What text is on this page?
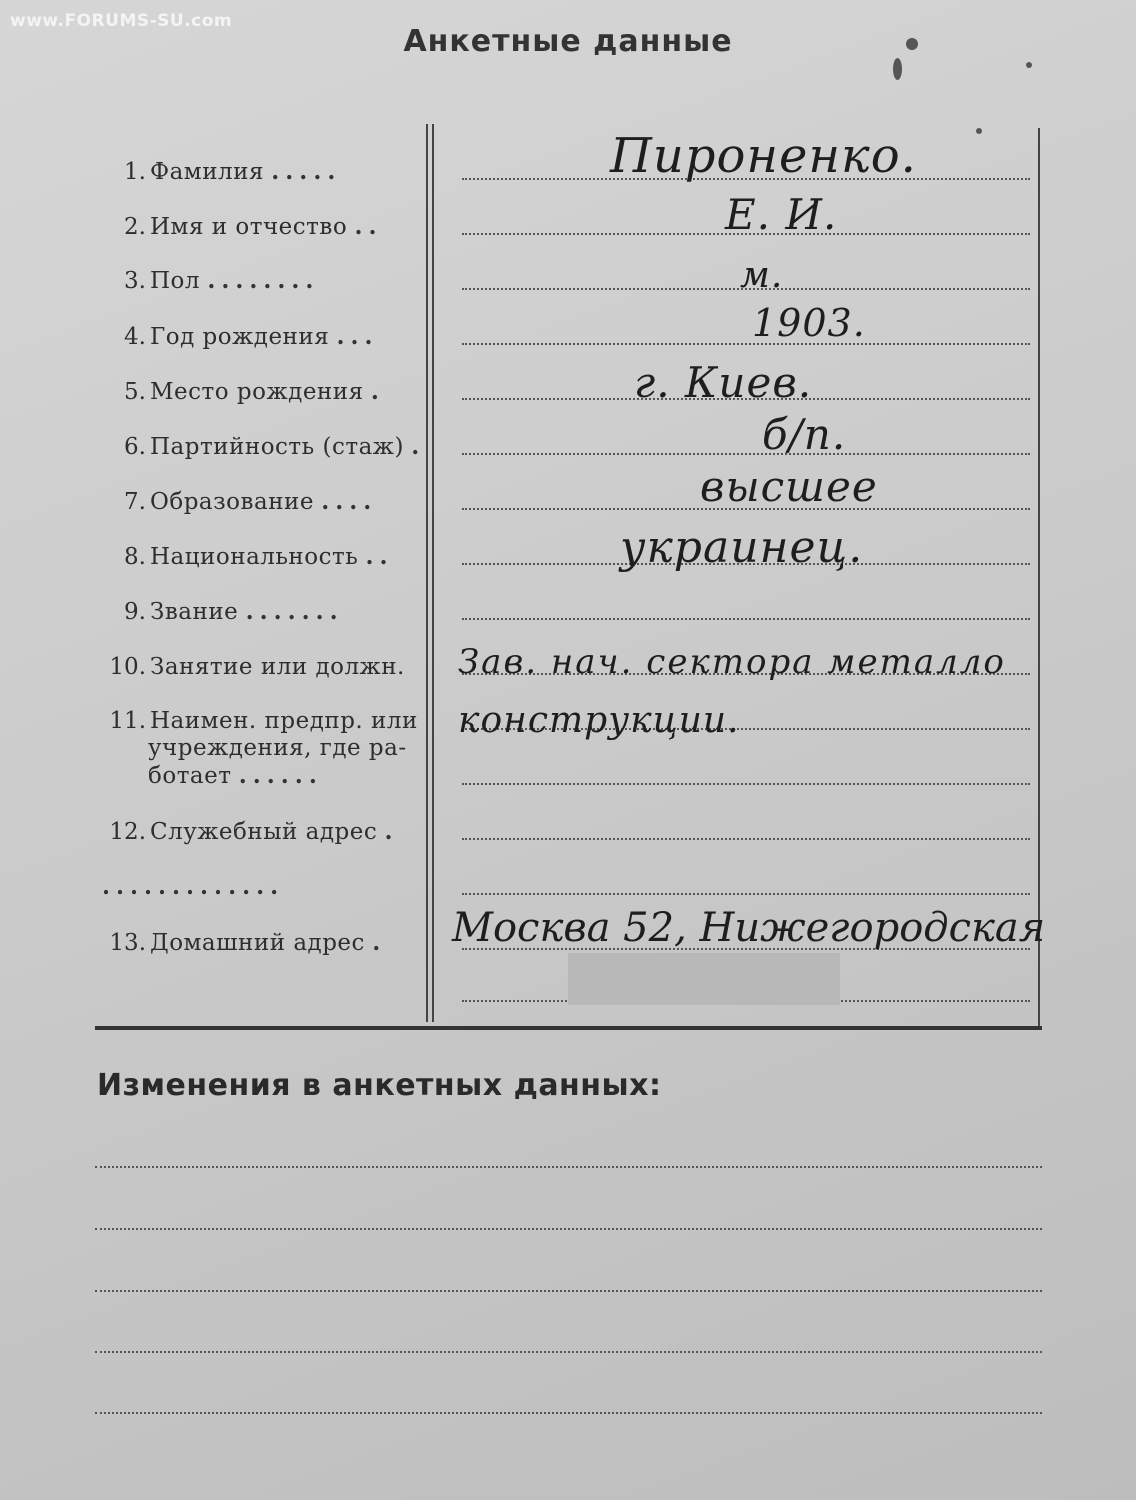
www.FORUMS-SU.com
Анкетные данные
1. Фамилия .....
2. Имя и отчество ..
3. Пол ........
4. Год рождения ...
5. Место рождения .
6. Партийность (стаж) .
7. Образование ....
8. Национальность ..
9. Звание .......
10. Занятие или должн.
11. Наимен. предпр. или
учреждения, где ра-
ботает ......
12. Служебный адрес .
.............
13. Домашний адрес .
Пироненко.
Е. И.
м.
1903.
г. Киев.
б/п.
высшее
украинец.
Зав. нач. сектора металло
конструкции.
Москва 52, Нижегородская
Изменения в анкетных данных:
